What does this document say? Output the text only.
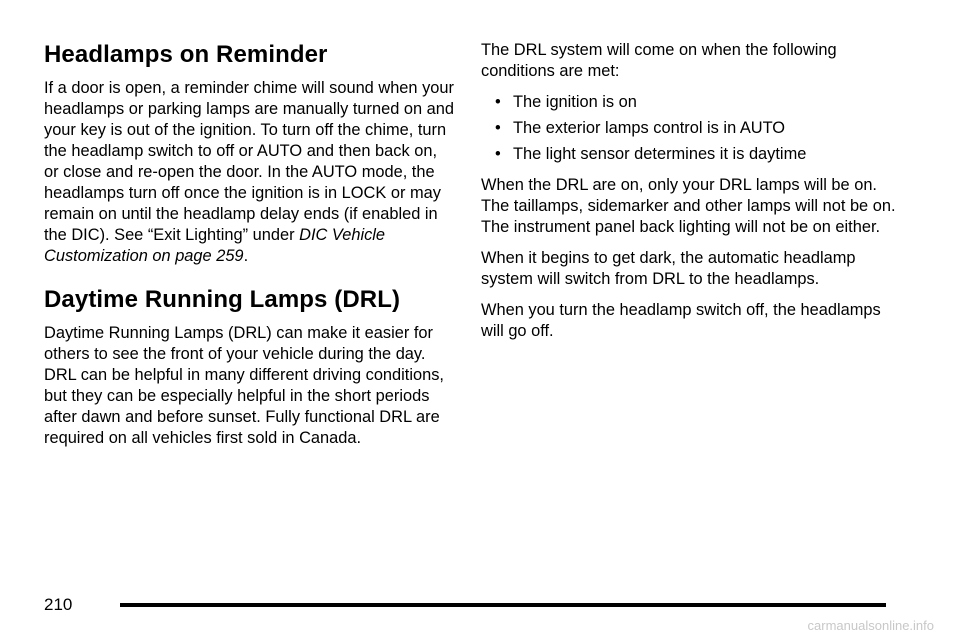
Headlamps on Reminder

If a door is open, a reminder chime will sound when your headlamps or parking lamps are manually turned on and your key is out of the ignition. To turn off the chime, turn the headlamp switch to off or AUTO and then back on, or close and re-open the door. In the AUTO mode, the headlamps turn off once the ignition is in LOCK or may remain on until the headlamp delay ends (if enabled in the DIC). See “Exit Lighting” under DIC Vehicle Customization on page 259.

Daytime Running Lamps (DRL)

Daytime Running Lamps (DRL) can make it easier for others to see the front of your vehicle during the day. DRL can be helpful in many different driving conditions, but they can be especially helpful in the short periods after dawn and before sunset. Fully functional DRL are required on all vehicles first sold in Canada.

The DRL system will come on when the following conditions are met:

• The ignition is on
• The exterior lamps control is in AUTO
• The light sensor determines it is daytime

When the DRL are on, only your DRL lamps will be on. The taillamps, sidemarker and other lamps will not be on. The instrument panel back lighting will not be on either.

When it begins to get dark, the automatic headlamp system will switch from DRL to the headlamps.

When you turn the headlamp switch off, the headlamps will go off.

210
carmanualsonline.info
